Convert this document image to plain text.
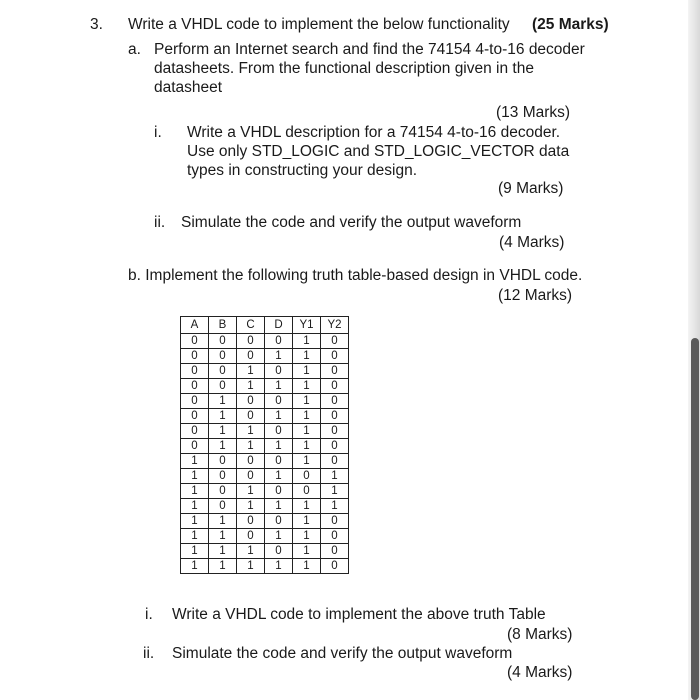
3. Write a VHDL code to implement the below functionality (25 Marks)
a. Perform an Internet search and find the 74154 4-to-16 decoder
datasheets. From the functional description given in the
datasheet
(13 Marks)
i. Write a VHDL description for a 74154 4-to-16 decoder.
Use only STD_LOGIC and STD_LOGIC_VECTOR data
types in constructing your design.
(9 Marks)
ii. Simulate the code and verify the output waveform
(4 Marks)
b. Implement the following truth table-based design in VHDL code.
(12 Marks)
A	B	C	D	Y1	Y2
0	0	0	0	1	0
0	0	0	1	1	0
0	0	1	0	1	0
0	0	1	1	1	0
0	1	0	0	1	0
0	1	0	1	1	0
0	1	1	0	1	0
0	1	1	1	1	0
1	0	0	0	1	0
1	0	0	1	0	1
1	0	1	0	0	1
1	0	1	1	1	1
1	1	0	0	1	0
1	1	0	1	1	0
1	1	1	0	1	0
1	1	1	1	1	0
i. Write a VHDL code to implement the above truth Table
(8 Marks)
ii. Simulate the code and verify the output waveform
(4 Marks)
